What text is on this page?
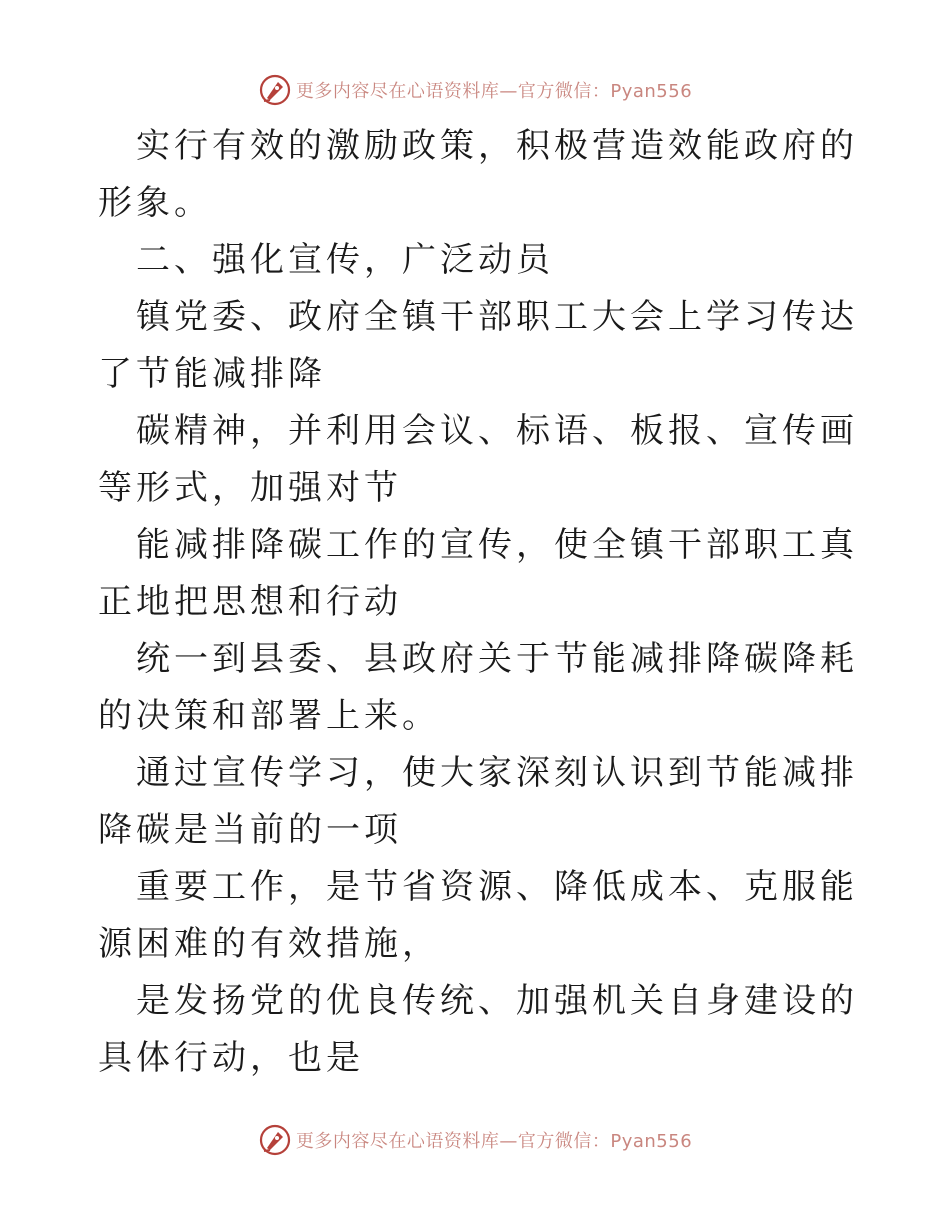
更多内容尽在心语资料库—官方微信：Pyan556

实行有效的激励政策，积极营造效能政府的形象。

二、强化宣传，广泛动员

镇党委、政府全镇干部职工大会上学习传达了节能减排降

碳精神，并利用会议、标语、板报、宣传画等形式，加强对节

能减排降碳工作的宣传，使全镇干部职工真正地把思想和行动

统一到县委、县政府关于节能减排降碳降耗的决策和部署上来。

通过宣传学习，使大家深刻认识到节能减排降碳是当前的一项

重要工作，是节省资源、降低成本、克服能源困难的有效措施，

是发扬党的优良传统、加强机关自身建设的具体行动，也是

更多内容尽在心语资料库—官方微信：Pyan556
